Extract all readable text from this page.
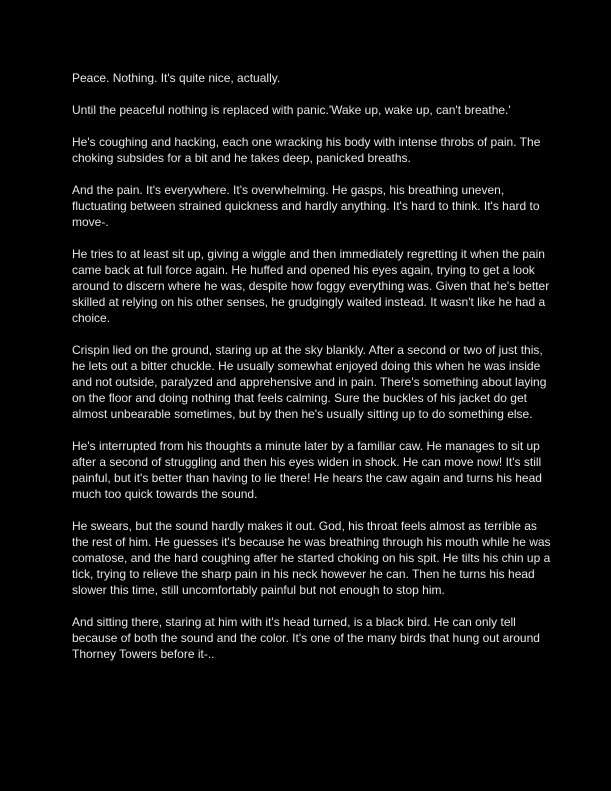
Peace. Nothing. It's quite nice, actually.

Until the peaceful nothing is replaced with panic.'Wake up, wake up, can't breathe.'

He's coughing and hacking, each one wracking his body with intense throbs of pain. The choking subsides for a bit and he takes deep, panicked breaths.

And the pain. It's everywhere. It's overwhelming. He gasps, his breathing uneven, fluctuating between strained quickness and hardly anything. It's hard to think. It's hard to move-.

He tries to at least sit up, giving a wiggle and then immediately regretting it when the pain came back at full force again. He huffed and opened his eyes again, trying to get a look around to discern where he was, despite how foggy everything was. Given that he's better skilled at relying on his other senses, he grudgingly waited instead. It wasn't like he had a choice.

Crispin lied on the ground, staring up at the sky blankly. After a second or two of just this, he lets out a bitter chuckle. He usually somewhat enjoyed doing this when he was inside and not outside, paralyzed and apprehensive and in pain. There's something about laying on the floor and doing nothing that feels calming. Sure the buckles of his jacket do get almost unbearable sometimes, but by then he's usually sitting up to do something else.

He's interrupted from his thoughts a minute later by a familiar caw. He manages to sit up after a second of struggling and then his eyes widen in shock. He can move now! It's still painful, but it's better than having to lie there! He hears the caw again and turns his head much too quick towards the sound.

He swears, but the sound hardly makes it out. God, his throat feels almost as terrible as the rest of him. He guesses it's because he was breathing through his mouth while he was comatose, and the hard coughing after he started choking on his spit. He tilts his chin up a tick, trying to relieve the sharp pain in his neck however he can. Then he turns his head slower this time, still uncomfortably painful but not enough to stop him.

And sitting there, staring at him with it's head turned, is a black bird. He can only tell because of both the sound and the color. It's one of the many birds that hung out around Thorney Towers before it-..
